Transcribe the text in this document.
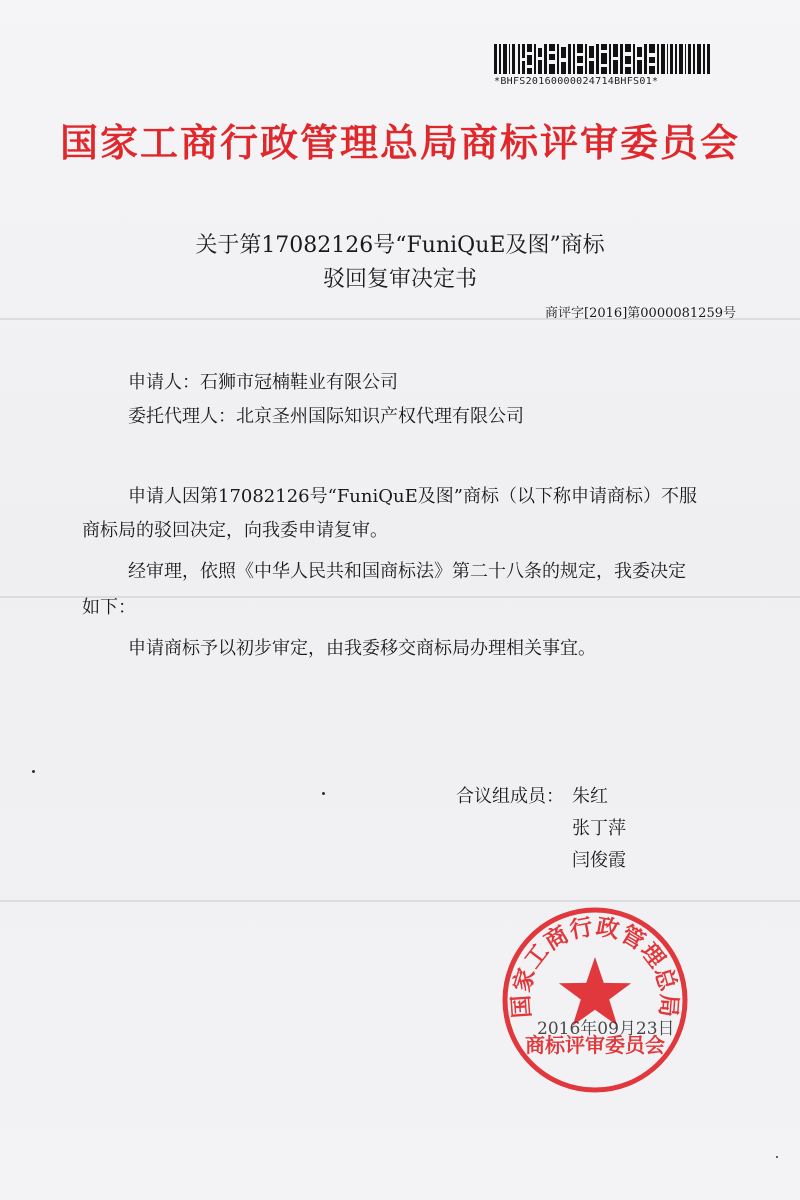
*BHFS20160000024714BHFS01*
国家工商行政管理总局商标评审委员会
关于第17082126号“FuniQuE及图”商标
驳回复审决定书
商评字[2016]第0000081259号
申请人：石狮市冠楠鞋业有限公司
委托代理人：北京圣州国际知识产权代理有限公司
申请人因第17082126号“FuniQuE及图”商标（以下称申请商标）不服
商标局的驳回决定，向我委申请复审。
经审理，依照《中华人民共和国商标法》第二十八条的规定，我委决定
如下：
申请商标予以初步审定，由我委移交商标局办理相关事宜。
合议组成员： 朱红
张丁萍
闫俊霞
国家工商行政管理总局
商标评审委员会
2016年09月23日
